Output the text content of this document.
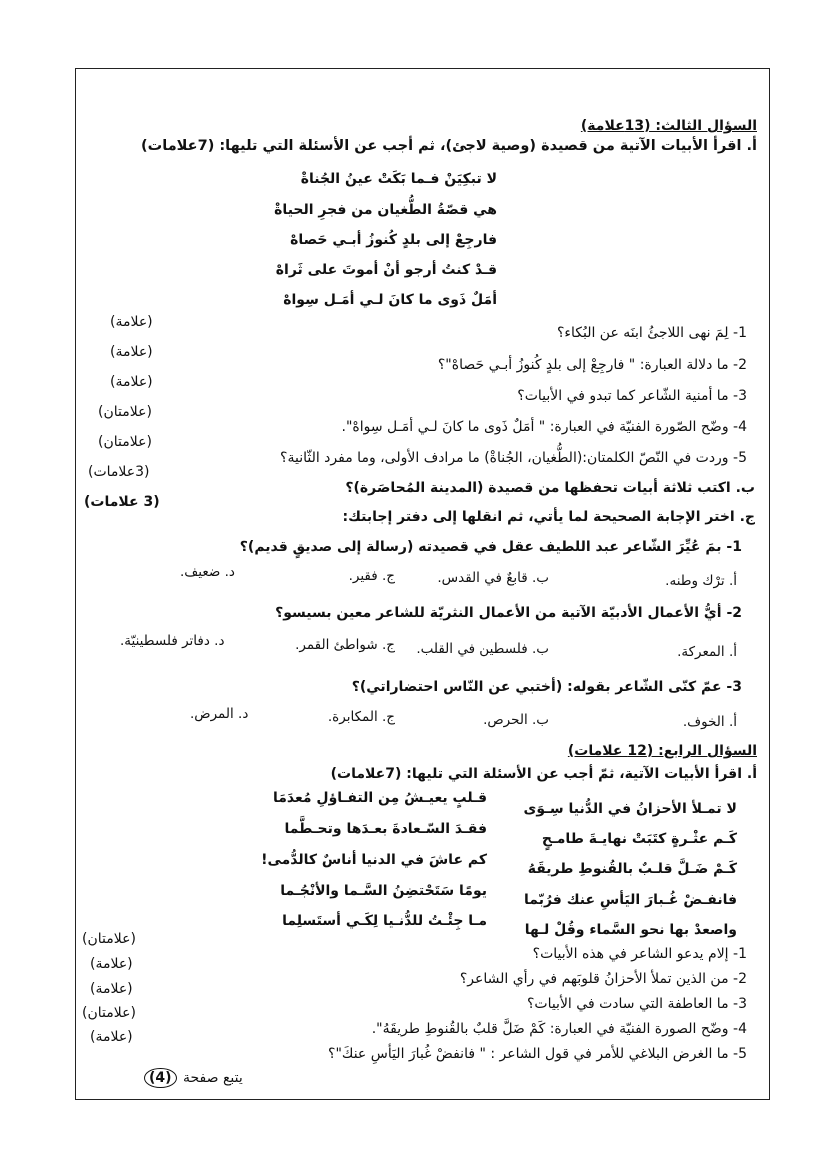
السؤال الثالث: (13علامة)
أ. اقرأ الأبيات الآتية من قصيدة (وصية لاجئ)، ثم أجب عن الأسئلة التي تليها: (7علامات)
لا تبكِيَنْ فـما بَكَتْ عينُ الجُناةْ
هي قصّةُ الطُّغيان من فجرِ الحياةْ
فارجِعْ إلى بلدٍ كُنوزُ أبـي حَصاهْ
قـدْ كنتُ أرجو أنْ أموتَ على ثَراهْ
أمَلٌ ذَوى ما كانَ لـي أمَـل سِواهْ
1- لِمَ نهى اللاجئُ ابنَه عن البُكاء؟
(علامة)
2- ما دلالة العبارة: " فارجِعْ إلى بلدٍ كُنوزُ أبـي حَصاهْ"؟
(علامة)
3- ما أمنية الشّاعر كما تبدو في الأبيات؟
(علامة)
4- وضّح الصّورة الفنيّة في العبارة: " أمَلٌ ذَوى ما كانَ لـي أمَـل سِواهْ".
(علامتان)
5- وردت في النّصّ الكلمتان:(الطُّغيان، الجُناةْ) ما مرادف الأولى، وما مفرد الثّانية؟
(علامتان)
ب. اكتب ثلاثة أبيات تحفظها من قصيدة (المدينة المُحاصَرة)؟
(3علامات)
ج. اختر الإجابة الصحيحة لما يأتي، ثم انقلها إلى دفتر إجابتك:
(3 علامات)
1- بمَ عُيِّرَ الشّاعر عبد اللطيف عقل في قصيدته (رسالة إلى صديقٍ قديم)؟
أ. ترْك وطنه.
ب. قابعٌ في القدس.
ج. فقير.
د. ضعيف.
2- أيُّ الأعمال الأدبيّة الآتية من الأعمال النثريّة للشاعر معين بسيسو؟
أ. المعركة.
ب. فلسطين في القلب.
ج. شواطئ القمر.
د. دفاتر فلسطينيّة.
3- عمّ كنّى الشّاعر بقوله: (أختبي عن النّاس احتضاراتي)؟
أ. الخوف.
ب. الحرص.
ج. المكابرة.
د. المرض.
السؤال الرابع: (12 علامات)
أ. اقرأ الأبيات الآتية، ثمّ أجب عن الأسئلة التي تليها: (7علامات)
لا تمـلأ الأحزانُ في الدُّنيا سِـوَى
قـلبٍ يعيـشُ مِن التفـاؤلِ مُعدَمَا
كَـم عثْـرةٍ كتَبَتْ نهايـةَ طامـحٍ
فقـدَ السّـعادةَ بعـدَها وتحـطَّما
كَـمْ ضَـلَّ قلـبٌ بالقُنوطِ طريقَهُ
كم عاشَ في الدنيا أناسٌ كالدُّمى!
فانفـضْ غُـبارَ اليَأسِ عنك فرُبّما
يومًا سَتَحْتضِنُ السَّـما والأنْجُـما
واصعدْ بها نحو السَّماء وقُلْ لـها
مـا جِئْـتُ للدُّنـيا لِكَـي أستَسلِما
1- إلام يدعو الشاعر في هذه الأبيات؟
(علامتان)
2- من الذين تملأ الأحزانُ قلوبَهم في رأي الشاعر؟
(علامة)
3- ما العاطفة التي سادت في الأبيات؟
(علامة)
4- وضّح الصورة الفنيّة في العبارة: كَمْ ضَلَّ قلبٌ بالقُنوطِ طريقَهُ".
(علامتان)
5- ما الغرض البلاغي للأمر في قول الشاعر : " فانفضْ غُبارَ اليَأسِ عنكَ"؟
(علامة)
يتبع صفحة (4)
